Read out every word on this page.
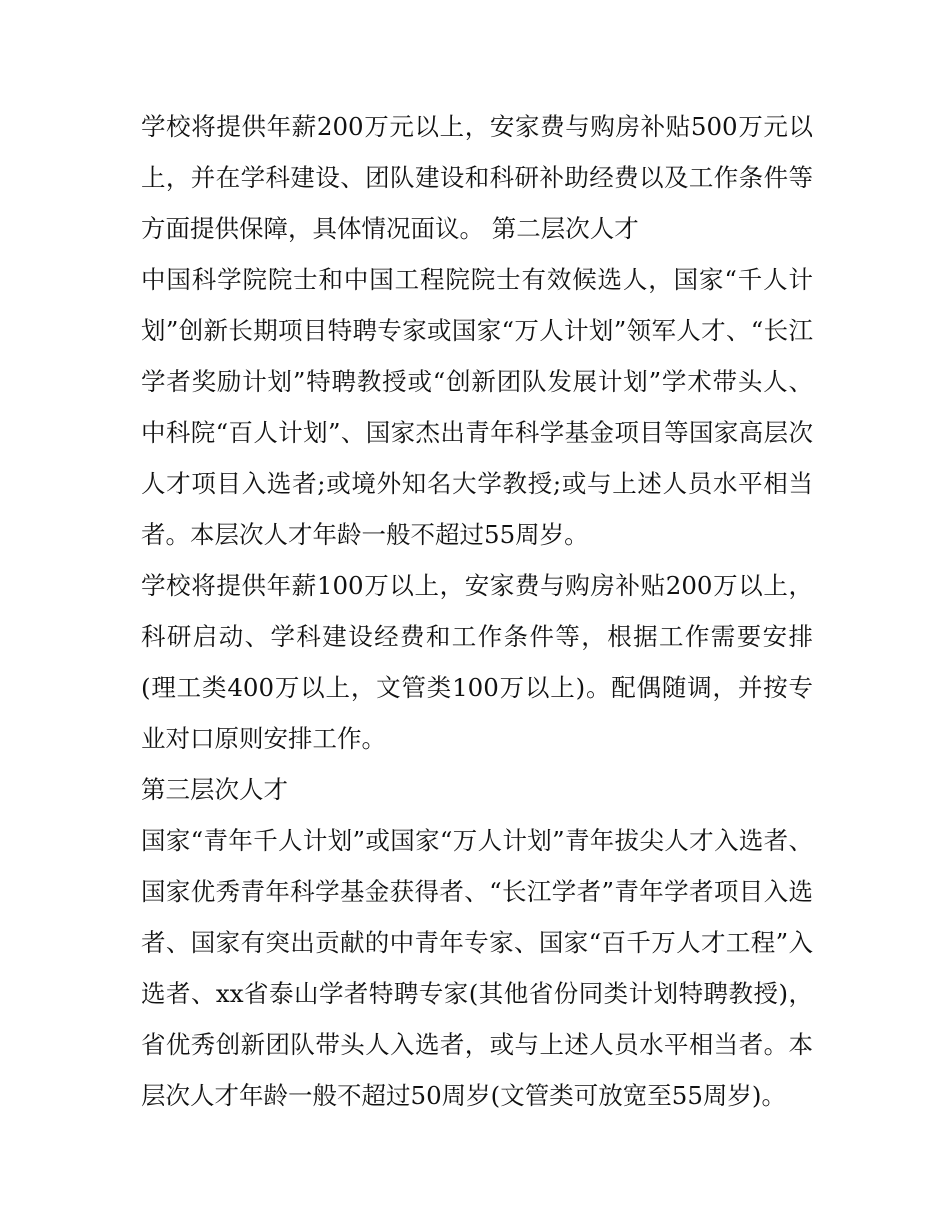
学校将提供年薪200万元以上，安家费与购房补贴500万元以
上，并在学科建设、团队建设和科研补助经费以及工作条件等
方面提供保障，具体情况面议。 第二层次人才
中国科学院院士和中国工程院院士有效候选人，国家“千人计
划”创新长期项目特聘专家或国家“万人计划”领军人才、“长江
学者奖励计划”特聘教授或“创新团队发展计划”学术带头人、
中科院“百人计划”、国家杰出青年科学基金项目等国家高层次
人才项目入选者;或境外知名大学教授;或与上述人员水平相当
者。本层次人才年龄一般不超过55周岁。
学校将提供年薪100万以上，安家费与购房补贴200万以上，
科研启动、学科建设经费和工作条件等，根据工作需要安排
(理工类400万以上，文管类100万以上)。配偶随调，并按专
业对口原则安排工作。
第三层次人才
国家“青年千人计划”或国家“万人计划”青年拔尖人才入选者、
国家优秀青年科学基金获得者、“长江学者”青年学者项目入选
者、国家有突出贡献的中青年专家、国家“百千万人才工程”入
选者、xx省泰山学者特聘专家(其他省份同类计划特聘教授)，
省优秀创新团队带头人入选者，或与上述人员水平相当者。本
层次人才年龄一般不超过50周岁(文管类可放宽至55周岁)。
